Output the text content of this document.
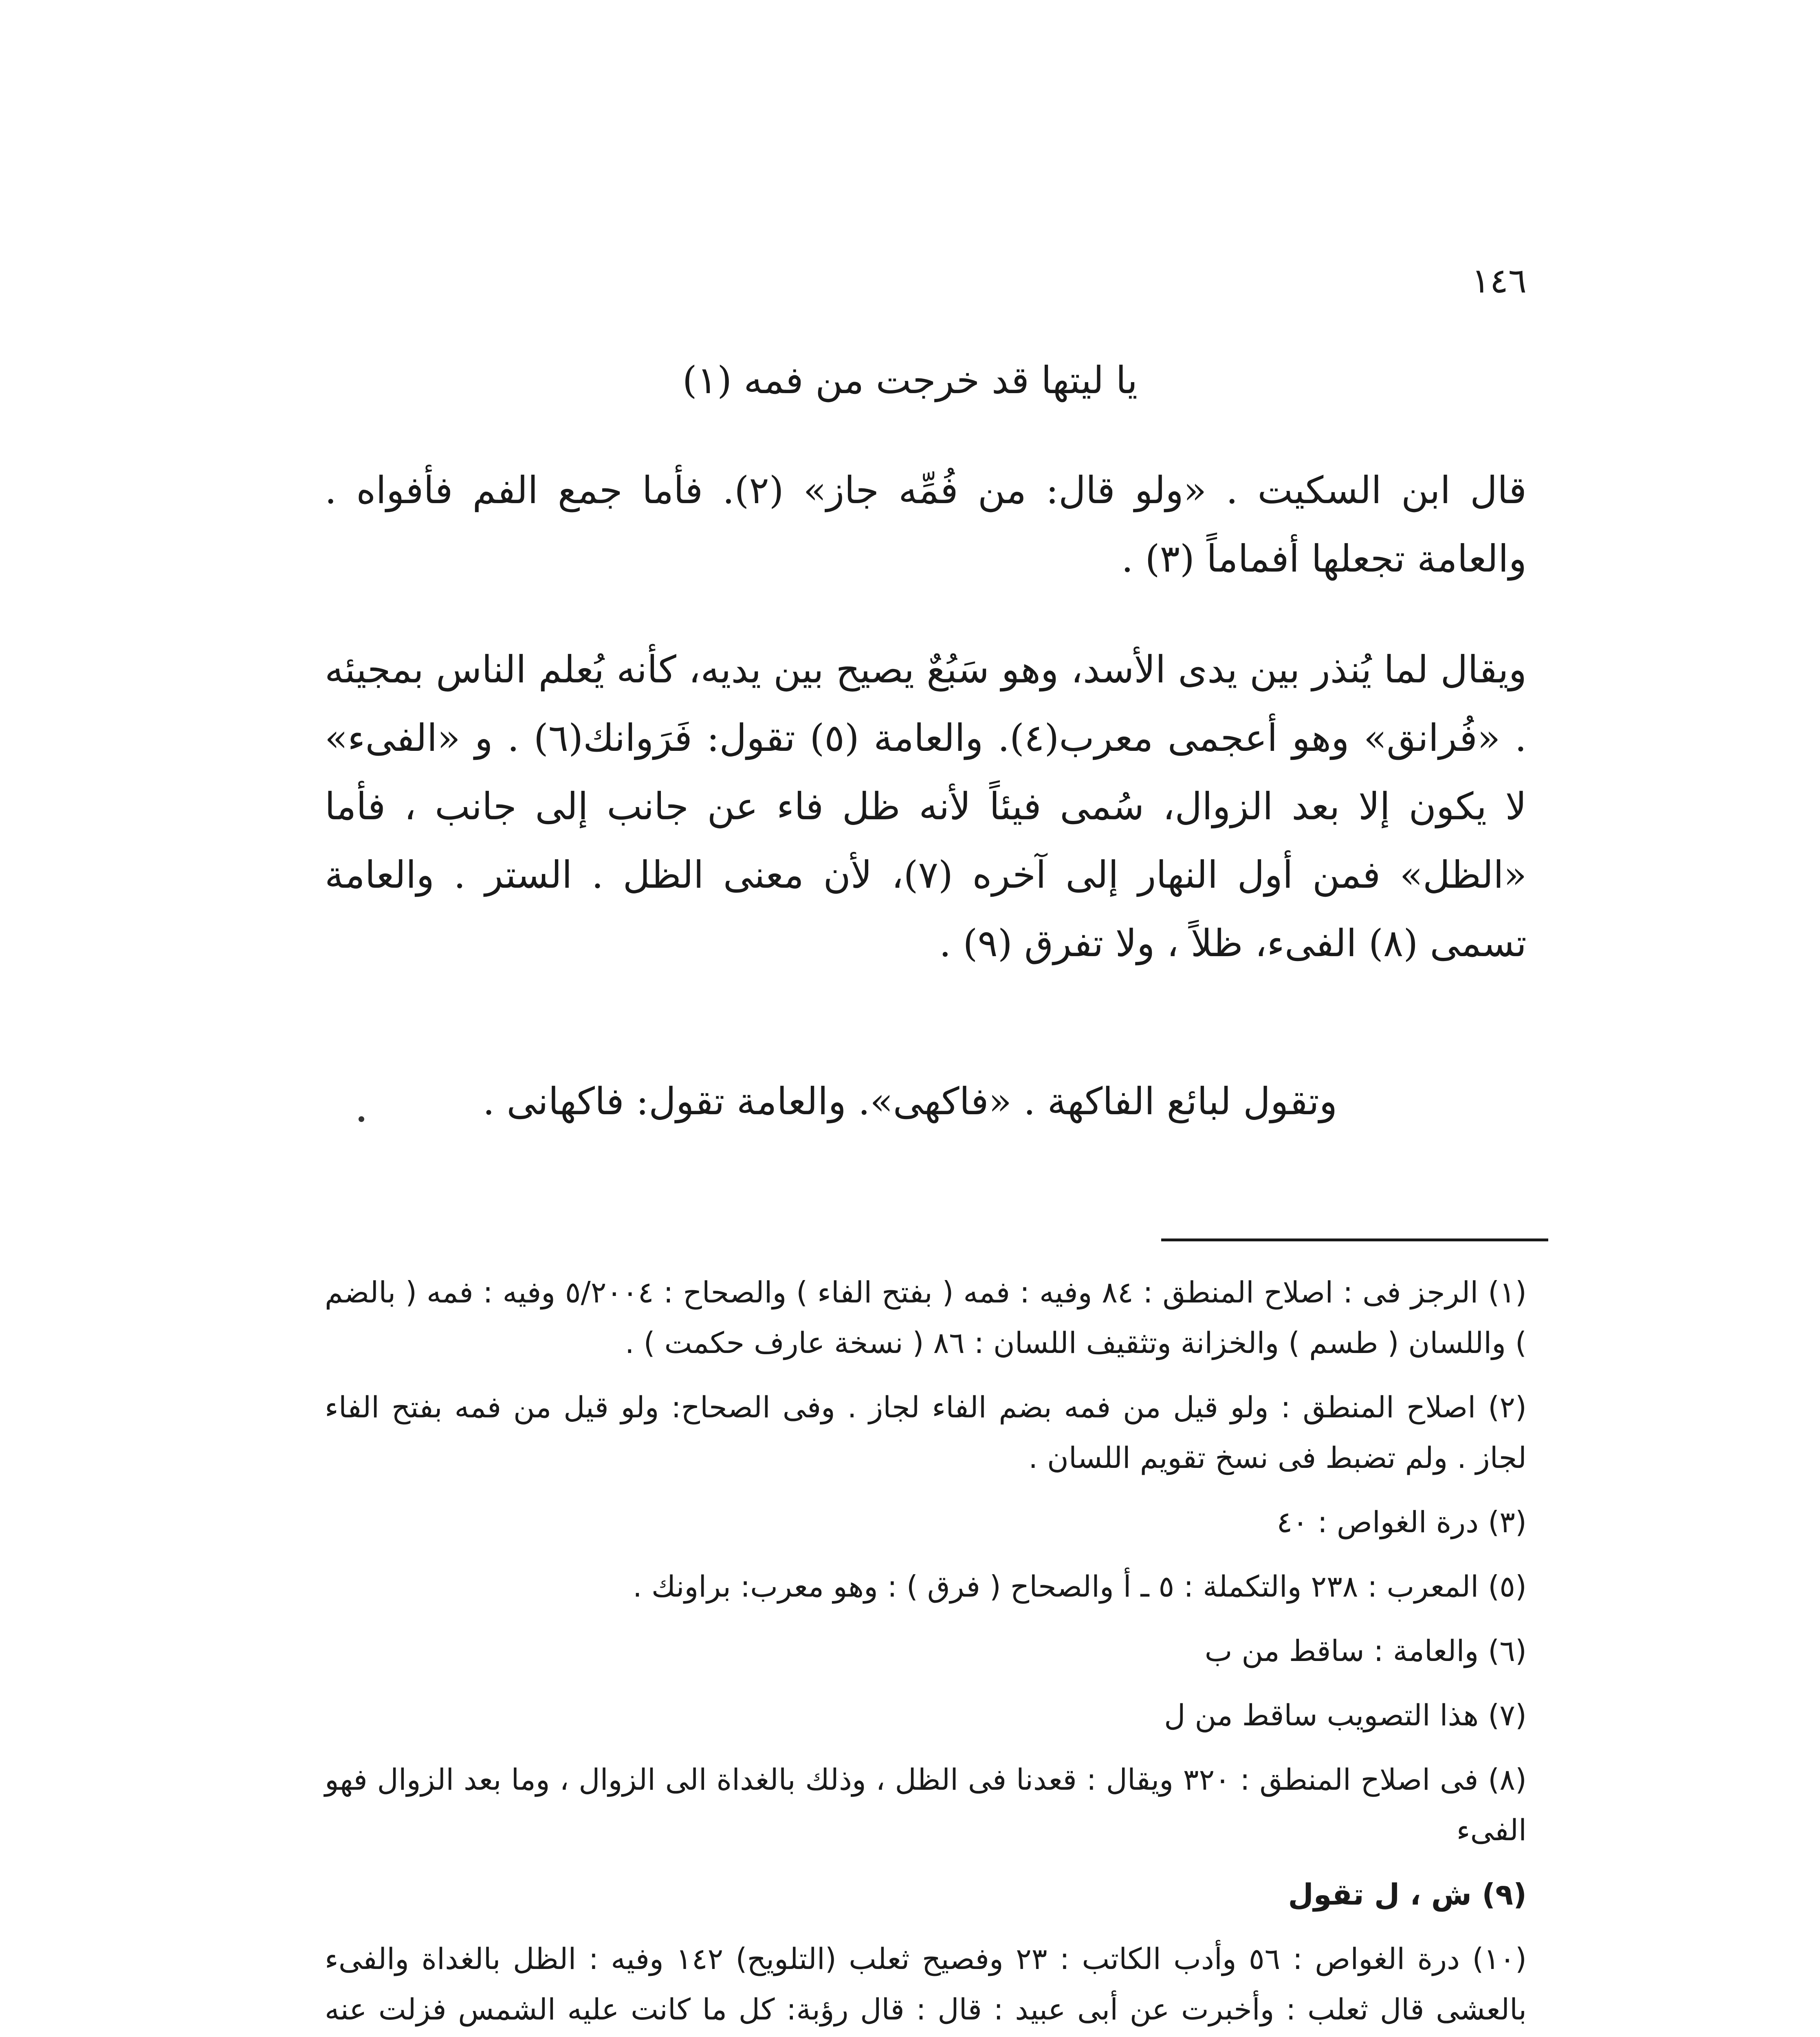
١٤٦
يا ليتها قد خرجت من فمه (١)

قال ابن السكيت . «ولو قال: من فُمِّه جاز» (٢). فأما جمع الفم فأفواه . والعامة تجعلها أفماماً (٣) .

ويقال لما يُنذر بين يدى الأسد، وهو سَبُعٌ يصيح بين يديه، كأنه يُعلم الناس بمجيئه . «فُرانق» وهو أعجمى معرب(٤). والعامة (٥) تقول: فَرَوانك(٦) . و «الفىء» لا يكون إلا بعد الزوال، سُمى فيئاً لأنه ظل فاء عن جانب إلى جانب ، فأما «الظل» فمن أول النهار إلى آخره (٧)، لأن معنى الظل . الستر . والعامة تسمى (٨) الفىء، ظلاً ، ولا تفرق (٩) .

وتقول لبائع الفاكهة . «فاكهى». والعامة تقول: فاكهانى .

(١) الرجز فى : اصلاح المنطق : ٨٤ وفيه : فمه ( بفتح الفاء ) والصحاح : ٥/٢٠٠٤ وفيه : فمه ( بالضم ) واللسان ( طسم ) والخزانة وتثقيف اللسان : ٨٦ ( نسخة عارف حكمت ) .

(٢) اصلاح المنطق : ولو قيل من فمه بضم الفاء لجاز . وفى الصحاح: ولو قيل من فمه بفتح الفاء لجاز . ولم تضبط فى نسخ تقويم اللسان .

(٣) درة الغواص : ٤٠

(٥) المعرب : ٢٣٨ والتكملة : ٥ ـ أ والصحاح ( فرق ) : وهو معرب: براونك .

(٦) والعامة : ساقط من ب

(٧) هذا التصويب ساقط من ل

(٨) فى اصلاح المنطق : ٣٢٠ ويقال : قعدنا فى الظل ، وذلك بالغداة الى الزوال ، وما بعد الزوال فهو الفىء

(٩) ش ، ل تقول

(١٠) درة الغواص : ٥٦ وأدب الكاتب : ٢٣ وفصيح ثعلب (التلويح) ١٤٢ وفيه : الظل بالغداة والفىء بالعشى قال ثعلب : وأخبرت عن أبى عبيد : قال : قال رؤبة: كل ما كانت عليه الشمس فزلت عنه
